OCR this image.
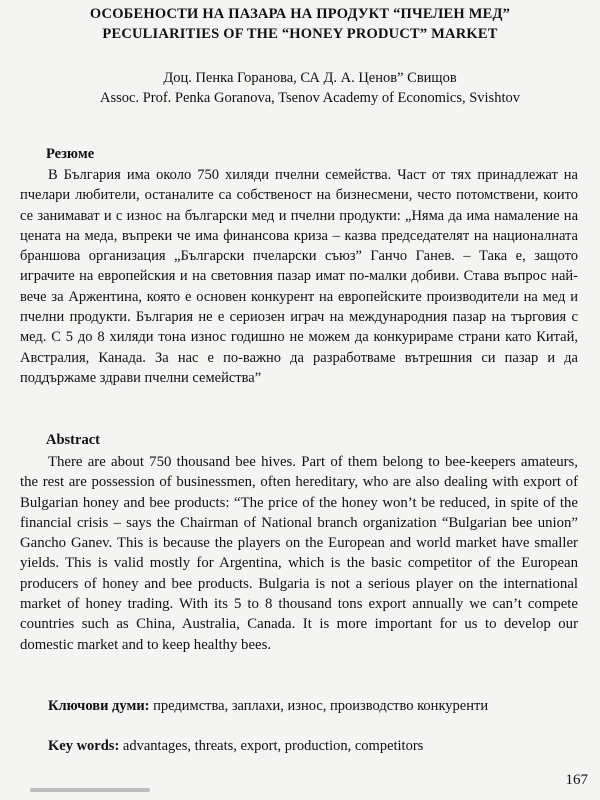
ОСОБЕНОСТИ НА ПАЗАРА НА ПРОДУКТ “ПЧЕЛЕН МЕД”
PECULIARITIES OF THE “HONEY PRODUCT” MARKET
Доц. Пенка Горанова, СА Д. А. Ценов” Свищов
Assoc. Prof. Penka Goranova, Tsenov Academy of Economics, Svishtov
Резюме
В България има около 750 хиляди пчелни семейства. Част от тях принадлежат на пчелари любители, останалите са собственост на бизнесмени, често потомствени, които се занимават и с износ на български мед и пчелни продукти: „Няма да има намаление на цената на меда, въпреки че има финансова криза – казва председателят на националната браншова организация „Български пчеларски съюз” Ганчо Ганев. – Така е, защото играчите на европейския и на световния пазар имат по-малки добиви. Става въпрос най-вече за Аржентина, която е основен конкурент на европейските производители на мед и пчелни продукти. България не е сериозен играч на международния пазар на търговия с мед. С 5 до 8 хиляди тона износ годишно не можем да конкурираме страни като Китай, Австралия, Канада. За нас е по-важно да разработваме вътрешния си пазар и да поддържаме здрави пчелни семейства”
Abstract
There are about 750 thousand bee hives. Part of them belong to bee-keepers amateurs, the rest are possession of businessmen, often hereditary, who are also dealing with export of Bulgarian honey and bee products: “The price of the honey won’t be reduced, in spite of the financial crisis – says the Chairman of National branch organization “Bulgarian bee union” Gancho Ganev. This is because the players on the European and world market have smaller yields. This is valid mostly for Argentina, which is the basic competitor of the European producers of honey and bee products. Bulgaria is not a serious player on the international market of honey trading. With its 5 to 8 thousand tons export annually we can’t compete countries such as China, Australia, Canada. It is more important for us to develop our domestic market and to keep healthy bees.
Ключови думи: предимства, заплахи, износ, производство конкуренти
Key words: advantages, threats, export, production, competitors
167
